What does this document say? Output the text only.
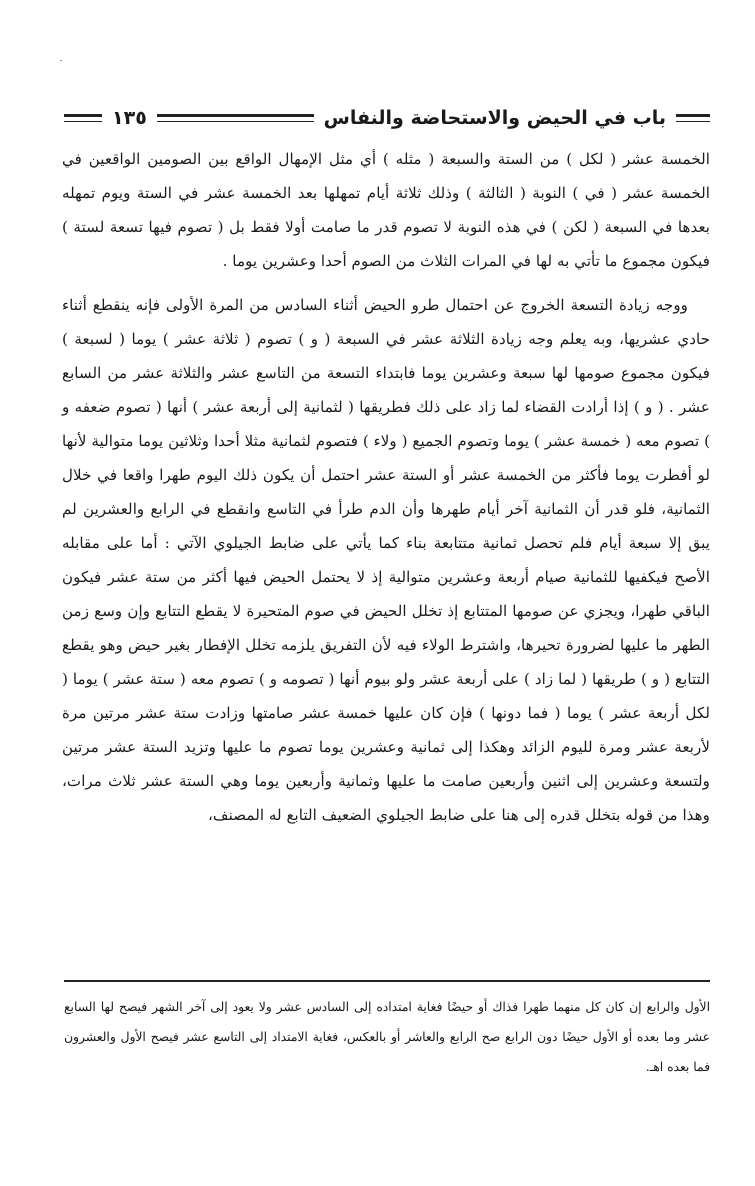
١٣٥	باب في الحيض والاستحاضة والنفاس

الخمسة عشر ( لكل ) من الستة والسبعة ( مثله ) أي مثل الإمهال الواقع بين الصومين الواقعين في الخمسة عشر ( في ) النوبة ( الثالثة ) وذلك ثلاثة أيام تمهلها بعد الخمسة عشر في الستة ويوم تمهله بعدها في السبعة ( لكن ) في هذه النوبة لا تصوم قدر ما صامت أولا فقط بل ( تصوم فيها تسعة لستة ) فيكون مجموع ما تأتي به لها في المرات الثلاث من الصوم أحدا وعشرين يوما .

ووجه زيادة التسعة الخروج عن احتمال طرو الحيض أثناء السادس من المرة الأولى فإنه ينقطع أثناء حادي عشريها، وبه يعلم وجه زيادة الثلاثة عشر في السبعة ( و ) تصوم ( ثلاثة عشر ) يوما ( لسبعة ) فيكون مجموع صومها لها سبعة وعشرين يوما فابتداء التسعة من التاسع عشر والثلاثة عشر من السابع عشر . ( و ) إذا أرادت القضاء لما زاد على ذلك فطريقها ( لثمانية إلى أربعة عشر ) أنها ( تصوم ضعفه و ) تصوم معه ( خمسة عشر ) يوما وتصوم الجميع ( ولاء ) فتصوم لثمانية مثلا أحدا وثلاثين يوما متوالية لأنها لو أفطرت يوما فأكثر من الخمسة عشر أو الستة عشر احتمل أن يكون ذلك اليوم طهرا واقعا في خلال الثمانية، فلو قدر أن الثمانية آخر أيام طهرها وأن الدم طرأ في التاسع وانقطع في الرابع والعشرين لم يبق إلا سبعة أيام فلم تحصل ثمانية متتابعة بناء كما يأتي على ضابط الجيلوي الآتي : أما على مقابله الأصح فيكفيها للثمانية صيام أربعة وعشرين متوالية إذ لا يحتمل الحيض فيها أكثر من ستة عشر فيكون الباقي طهرا، ويجزي عن صومها المتتابع إذ تخلل الحيض في صوم المتحيرة لا يقطع التتابع وإن وسع زمن الطهر ما عليها لضرورة تحيرها، واشترط الولاء فيه لأن التفريق يلزمه تخلل الإفطار بغير حيض وهو يقطع التتابع ( و ) طريقها ( لما زاد ) على أربعة عشر ولو بيوم أنها ( تصومه و ) تصوم معه ( ستة عشر ) يوما ( لكل أربعة عشر ) يوما ( فما دونها ) فإن كان عليها خمسة عشر صامتها وزادت ستة عشر مرتين مرة لأربعة عشر ومرة لليوم الزائد وهكذا إلى ثمانية وعشرين يوما تصوم ما عليها وتزيد الستة عشر مرتين ولتسعة وعشرين إلى اثنين وأربعين صامت ما عليها وثمانية وأربعين يوما وهي الستة عشر ثلاث مرات، وهذا من قوله بتخلل قدره إلى هنا على ضابط الجيلوي الضعيف التابع له المصنف،

الأول والرابع إن كان كل منهما طهرا فذاك أو حيضًا فغاية امتداده إلى السادس عشر ولا يعود إلى آخر الشهر فيصح لها السابع عشر وما بعده أو الأول حيضًا دون الرابع صح الرابع والعاشر أو بالعكس، فغاية الامتداد إلى التاسع عشر فيصح الأول والعشرون فما بعده اهـ.
